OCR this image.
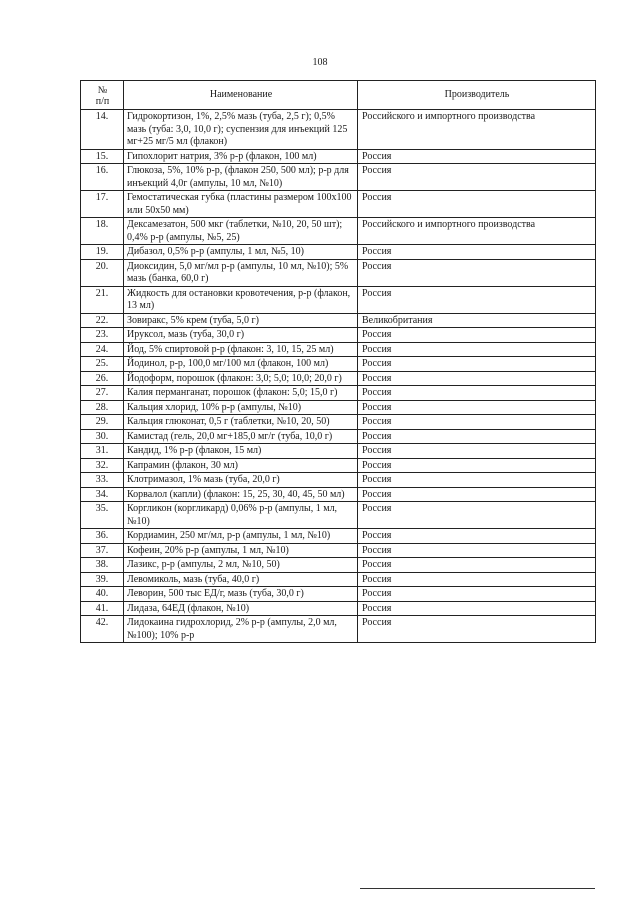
108
№
п/п	Наименование	Производитель
14.	Гидрокортизон, 1%, 2,5% мазь (туба, 2,5 г); 0,5% мазь (туба: 3,0, 10,0 г); суспензия для инъекций 125 мг+25 мг/5 мл (флакон)	Российского и импортного производства
15.	Гипохлорит натрия, 3% р-р (флакон, 100 мл)	Россия
16.	Глюкоза, 5%, 10% р-р, (флакон 250, 500 мл); р-р для инъекций 4,0г (ампулы, 10 мл, №10)	Россия
17.	Гемостатическая губка (пластины размером 100х100 или 50х50 мм)	Россия
18.	Дексамезатон, 500 мкг (таблетки, №10, 20, 50 шт); 0,4% р-р (ампулы, №5, 25)	Российского и импортного производства
19.	Дибазол, 0,5% р-р (ампулы, 1 мл, №5, 10)	Россия
20.	Диоксидин, 5,0 мг/мл р-р (ампулы, 10 мл, №10); 5% мазь (банка, 60,0 г)	Россия
21.	Жидкость для остановки кровотечения, р-р (флакон, 13 мл)	Россия
22.	Зовиракс, 5% крем (туба, 5,0 г)	Великобритания
23.	Ируксол, мазь (туба, 30,0 г)	Россия
24.	Йод, 5% спиртовой р-р (флакон: 3, 10, 15, 25 мл)	Россия
25.	Йодинол, р-р, 100,0 мг/100 мл (флакон, 100 мл)	Россия
26.	Йодоформ, порошок (флакон: 3,0; 5,0; 10,0; 20,0 г)	Россия
27.	Калия перманганат, порошок (флакон: 5,0; 15,0 г)	Россия
28.	Кальция хлорид, 10% р-р (ампулы, №10)	Россия
29.	Кальция глюконат, 0,5 г (таблетки, №10, 20, 50)	Россия
30.	Камистад (гель, 20,0 мг+185,0 мг/г (туба, 10,0 г)	Россия
31.	Кандид, 1% р-р (флакон, 15 мл)	Россия
32.	Капрамин (флакон, 30 мл)	Россия
33.	Клотримазол, 1% мазь (туба, 20,0 г)	Россия
34.	Корвалол (капли) (флакон: 15, 25, 30, 40, 45, 50 мл)	Россия
35.	Коргликон (коргликард) 0,06% р-р (ампулы, 1 мл, №10)	Россия
36.	Кордиамин, 250 мг/мл, р-р (ампулы, 1 мл, №10)	Россия
37.	Кофеин, 20% р-р (ампулы, 1 мл, №10)	Россия
38.	Лазикс, р-р (ампулы, 2 мл, №10, 50)	Россия
39.	Левомиколь, мазь (туба, 40,0 г)	Россия
40.	Леворин, 500 тыс ЕД/г, мазь (туба, 30,0 г)	Россия
41.	Лидаза, 64ЕД (флакон, №10)	Россия
42.	Лидокаина гидрохлорид, 2% р-р (ампулы, 2,0 мл, №100); 10% р-р	Россия
